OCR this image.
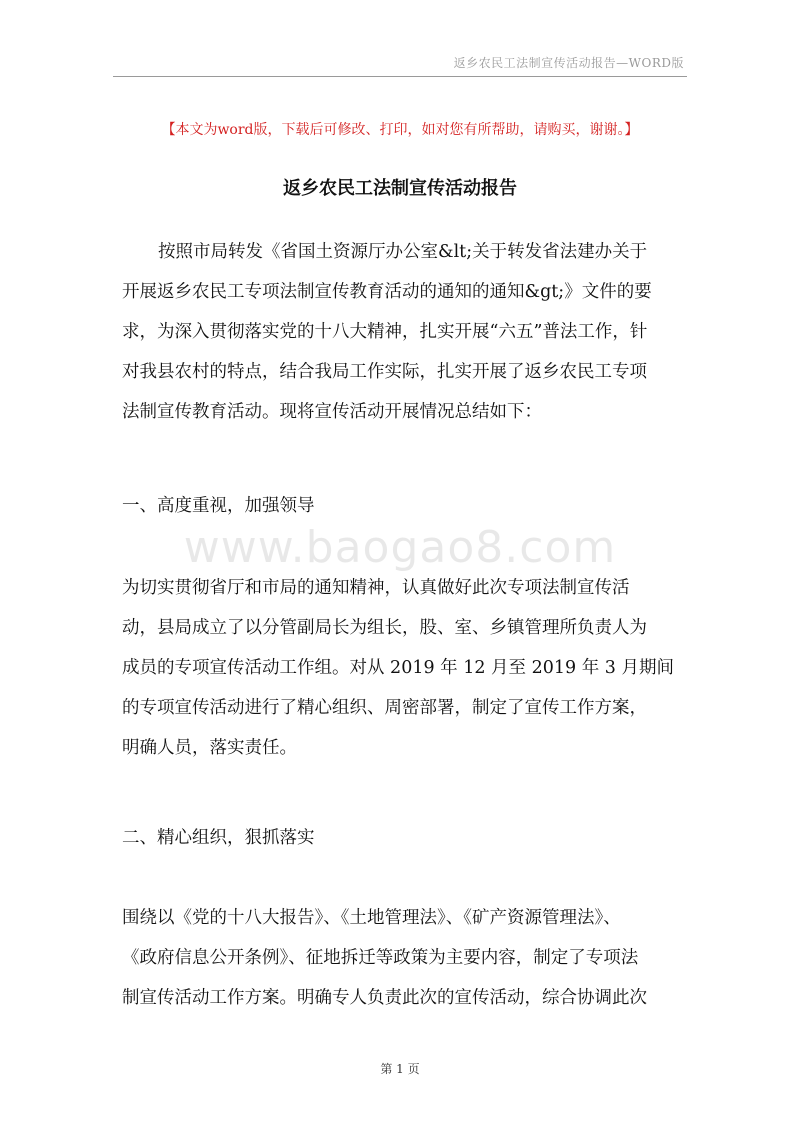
返乡农民工法制宣传活动报告—WORD版
【本文为word版，下载后可修改、打印，如对您有所帮助，请购买，谢谢。】
返乡农民工法制宣传活动报告
按照市局转发《省国土资源厅办公室&lt;关于转发省法建办关于
开展返乡农民工专项法制宣传教育活动的通知的通知&gt;》文件的要
求，为深入贯彻落实党的十八大精神，扎实开展“六五”普法工作，针
对我县农村的特点，结合我局工作实际，扎实开展了返乡农民工专项
法制宣传教育活动。现将宣传活动开展情况总结如下：
一、高度重视，加强领导
www.baogao8.com
为切实贯彻省厅和市局的通知精神，认真做好此次专项法制宣传活
动，县局成立了以分管副局长为组长，股、室、乡镇管理所负责人为
成员的专项宣传活动工作组。对从 2019 年 12 月至 2019 年 3 月期间
的专项宣传活动进行了精心组织、周密部署，制定了宣传工作方案，
明确人员，落实责任。
二、精心组织，狠抓落实
围绕以《党的十八大报告》、《土地管理法》、《矿产资源管理法》、
《政府信息公开条例》、征地拆迁等政策为主要内容，制定了专项法
制宣传活动工作方案。明确专人负责此次的宣传活动，综合协调此次
第 1 页
